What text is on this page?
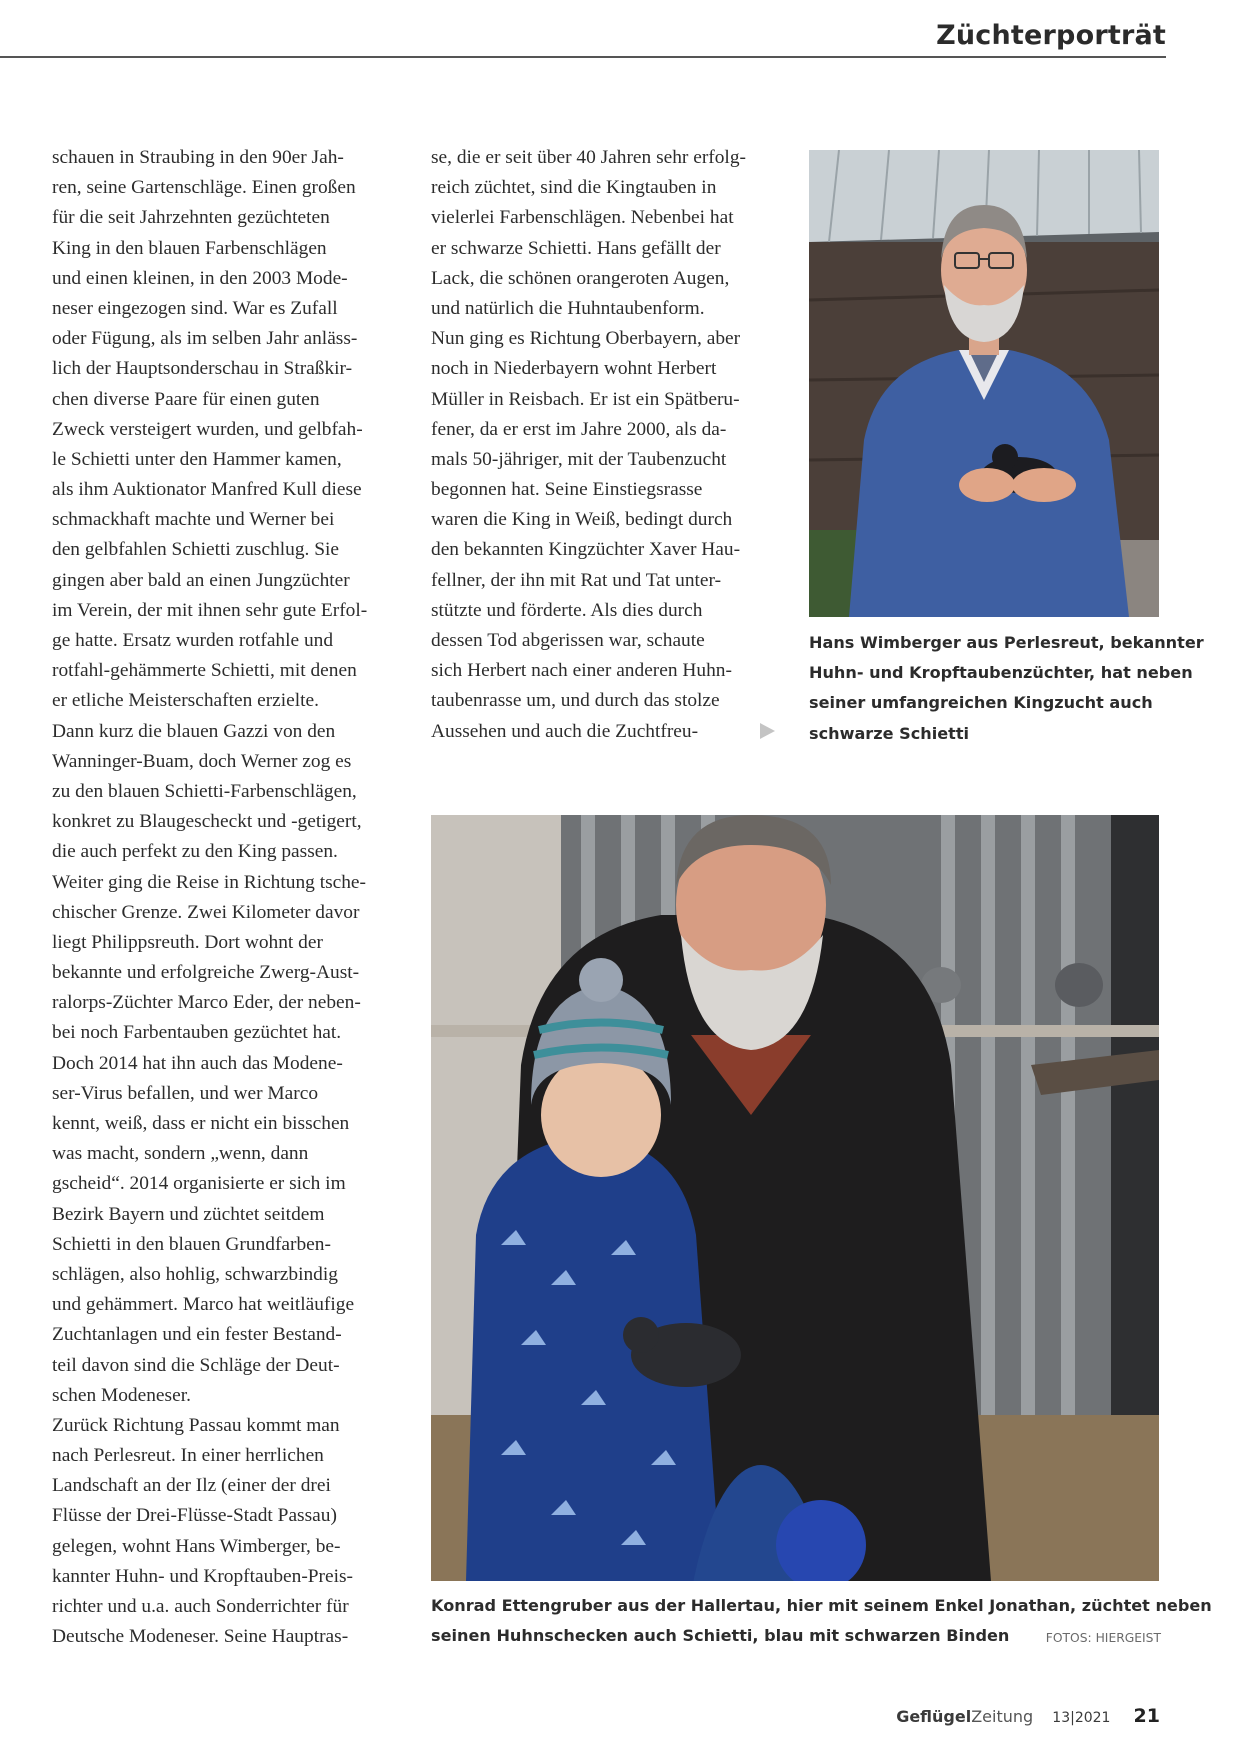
Züchterporträt
schauen in Straubing in den 90er Jah-
ren, seine Gartenschläge. Einen großen
für die seit Jahrzehnten gezüchteten
King in den blauen Farbenschlägen
und einen kleinen, in den 2003 Mode-
neser eingezogen sind. War es Zufall
oder Fügung, als im selben Jahr anläss-
lich der Hauptsonderschau in Straßkir-
chen diverse Paare für einen guten
Zweck versteigert wurden, und gelbfah-
le Schietti unter den Hammer kamen,
als ihm Auktionator Manfred Kull diese
schmackhaft machte und Werner bei
den gelbfahlen Schietti zuschlug. Sie
gingen aber bald an einen Jungzüchter
im Verein, der mit ihnen sehr gute Erfol-
ge hatte. Ersatz wurden rotfahle und
rotfahl-gehämmerte Schietti, mit denen
er etliche Meisterschaften erzielte.
Dann kurz die blauen Gazzi von den
Wanninger-Buam, doch Werner zog es
zu den blauen Schietti-Farbenschlägen,
konkret zu Blaugescheckt und -getigert,
die auch perfekt zu den King passen.
Weiter ging die Reise in Richtung tsche-
chischer Grenze. Zwei Kilometer davor
liegt Philippsreuth. Dort wohnt der
bekannte und erfolgreiche Zwerg-Aust-
ralorps-Züchter Marco Eder, der neben-
bei noch Farbentauben gezüchtet hat.
Doch 2014 hat ihn auch das Modene-
ser-Virus befallen, und wer Marco
kennt, weiß, dass er nicht ein bisschen
was macht, sondern „wenn, dann
gscheid“. 2014 organisierte er sich im
Bezirk Bayern und züchtet seitdem
Schietti in den blauen Grundfarben-
schlägen, also hohlig, schwarzbindig
und gehämmert. Marco hat weitläufige
Zuchtanlagen und ein fester Bestand-
teil davon sind die Schläge der Deut-
schen Modeneser.
Zurück Richtung Passau kommt man
nach Perlesreut. In einer herrlichen
Landschaft an der Ilz (einer der drei
Flüsse der Drei-Flüsse-Stadt Passau)
gelegen, wohnt Hans Wimberger, be-
kannter Huhn- und Kropftauben-Preis-
richter und u.a. auch Sonderrichter für
Deutsche Modeneser. Seine Hauptras-
se, die er seit über 40 Jahren sehr erfolg-
reich züchtet, sind die Kingtauben in
vielerlei Farbenschlägen. Nebenbei hat
er schwarze Schietti. Hans gefällt der
Lack, die schönen orangeroten Augen,
und natürlich die Huhntaubenform.
Nun ging es Richtung Oberbayern, aber
noch in Niederbayern wohnt Herbert
Müller in Reisbach. Er ist ein Spätberu-
fener, da er erst im Jahre 2000, als da-
mals 50-jähriger, mit der Taubenzucht
begonnen hat. Seine Einstiegsrasse
waren die King in Weiß, bedingt durch
den bekannten Kingzüchter Xaver Hau-
fellner, der ihn mit Rat und Tat unter-
stützte und förderte. Als dies durch
dessen Tod abgerissen war, schaute
sich Herbert nach einer anderen Huhn-
taubenrasse um, und durch das stolze
Aussehen und auch die Zuchtfreu-
Hans Wimberger aus Perlesreut, bekannter
Huhn- und Kropftaubenzüchter, hat neben
seiner umfangreichen Kingzucht auch
schwarze Schietti
Konrad Ettengruber aus der Hallertau, hier mit seinem Enkel Jonathan, züchtet neben
seinen Huhnschecken auch Schietti, blau mit schwarzen Binden	FOTOS: HIERGEIST

GeflügelZeitung 13|2021 21
